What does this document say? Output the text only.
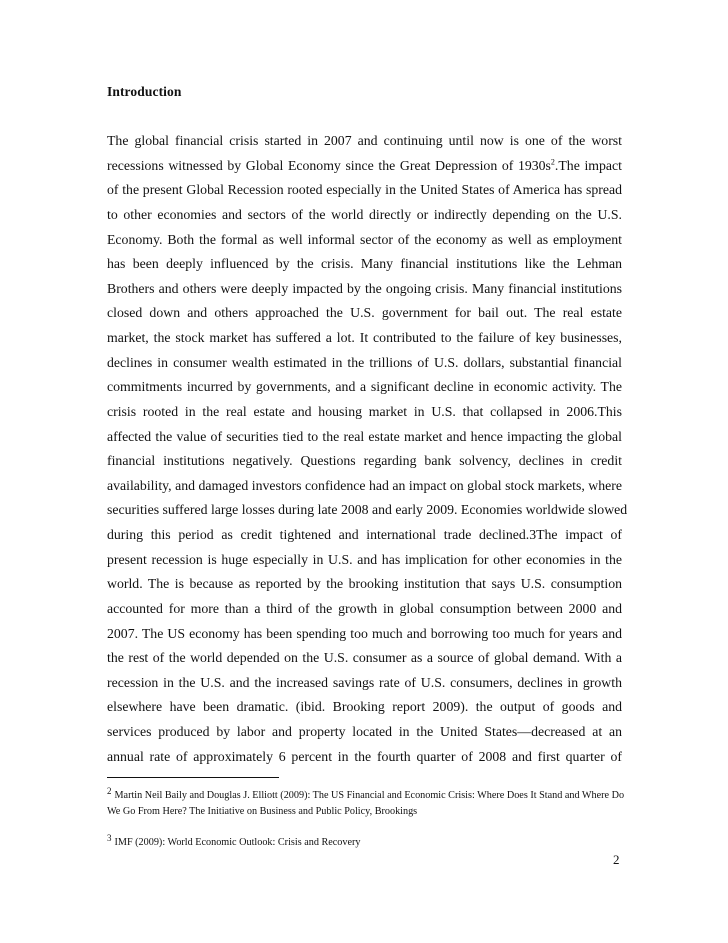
Introduction
The global financial crisis started in 2007 and continuing until now is one of the worst
recessions witnessed by Global Economy since the Great Depression of $1930s^2.The$ impact
of the present Global Recession rooted especially in the United States of America has spread
to other economies and sectors of the world directly or indirectly depending on the U.S.
Economy. Both the formal as well informal sector of the economy as well as employment
has been deeply influenced by the crisis. Many financial institutions like the Lehman
Brothers and others were deeply impacted by the ongoing crisis. Many financial institutions
closed down and others approached the U.S. government for bail out. The real estate
market, the stock market has suffered a lot. It contributed to the failure of key businesses,
declines in consumer wealth estimated in the trillions of U.S. dollars, substantial financial
commitments incurred by governments, and a significant decline in economic activity. The
crisis rooted in the real estate and housing market in U.S. that collapsed in 2006.This
affected the value of securities tied to the real estate market and hence impacting the global
financial institutions negatively. Questions regarding bank solvency, declines in credit
availability, and damaged investors confidence had an impact on global stock markets, where
securities suffered large losses during late 2008 and early 2009. Economies worldwide slowed
during this period as credit tightened and international trade declined.3The impact of
present recession is huge especially in U.S. and has implication for other economies in the
world. The is because as reported by the brooking institution that says U.S. consumption
accounted for more than a third of the growth in global consumption between 2000 and
2007. The US economy has been spending too much and borrowing too much for years and
the rest of the world depended on the U.S. consumer as a source of global demand. With a
recession in the U.S. and the increased savings rate of U.S. consumers, declines in growth
elsewhere have been dramatic. (ibid. Brooking report 2009). the output of goods and
services produced by labor and property located in the United States—decreased at an
annual rate of approximately 6 percent in the fourth quarter of 2008 and first quarter of
2 Martin Neil Baily and Douglas J. Elliott (2009): The US Financial and Economic Crisis: Where Does It Stand and Where Do We Go From Here? The Initiative on Business and Public Policy, Brookings
3 IMF (2009): World Economic Outlook: Crisis and Recovery
2
